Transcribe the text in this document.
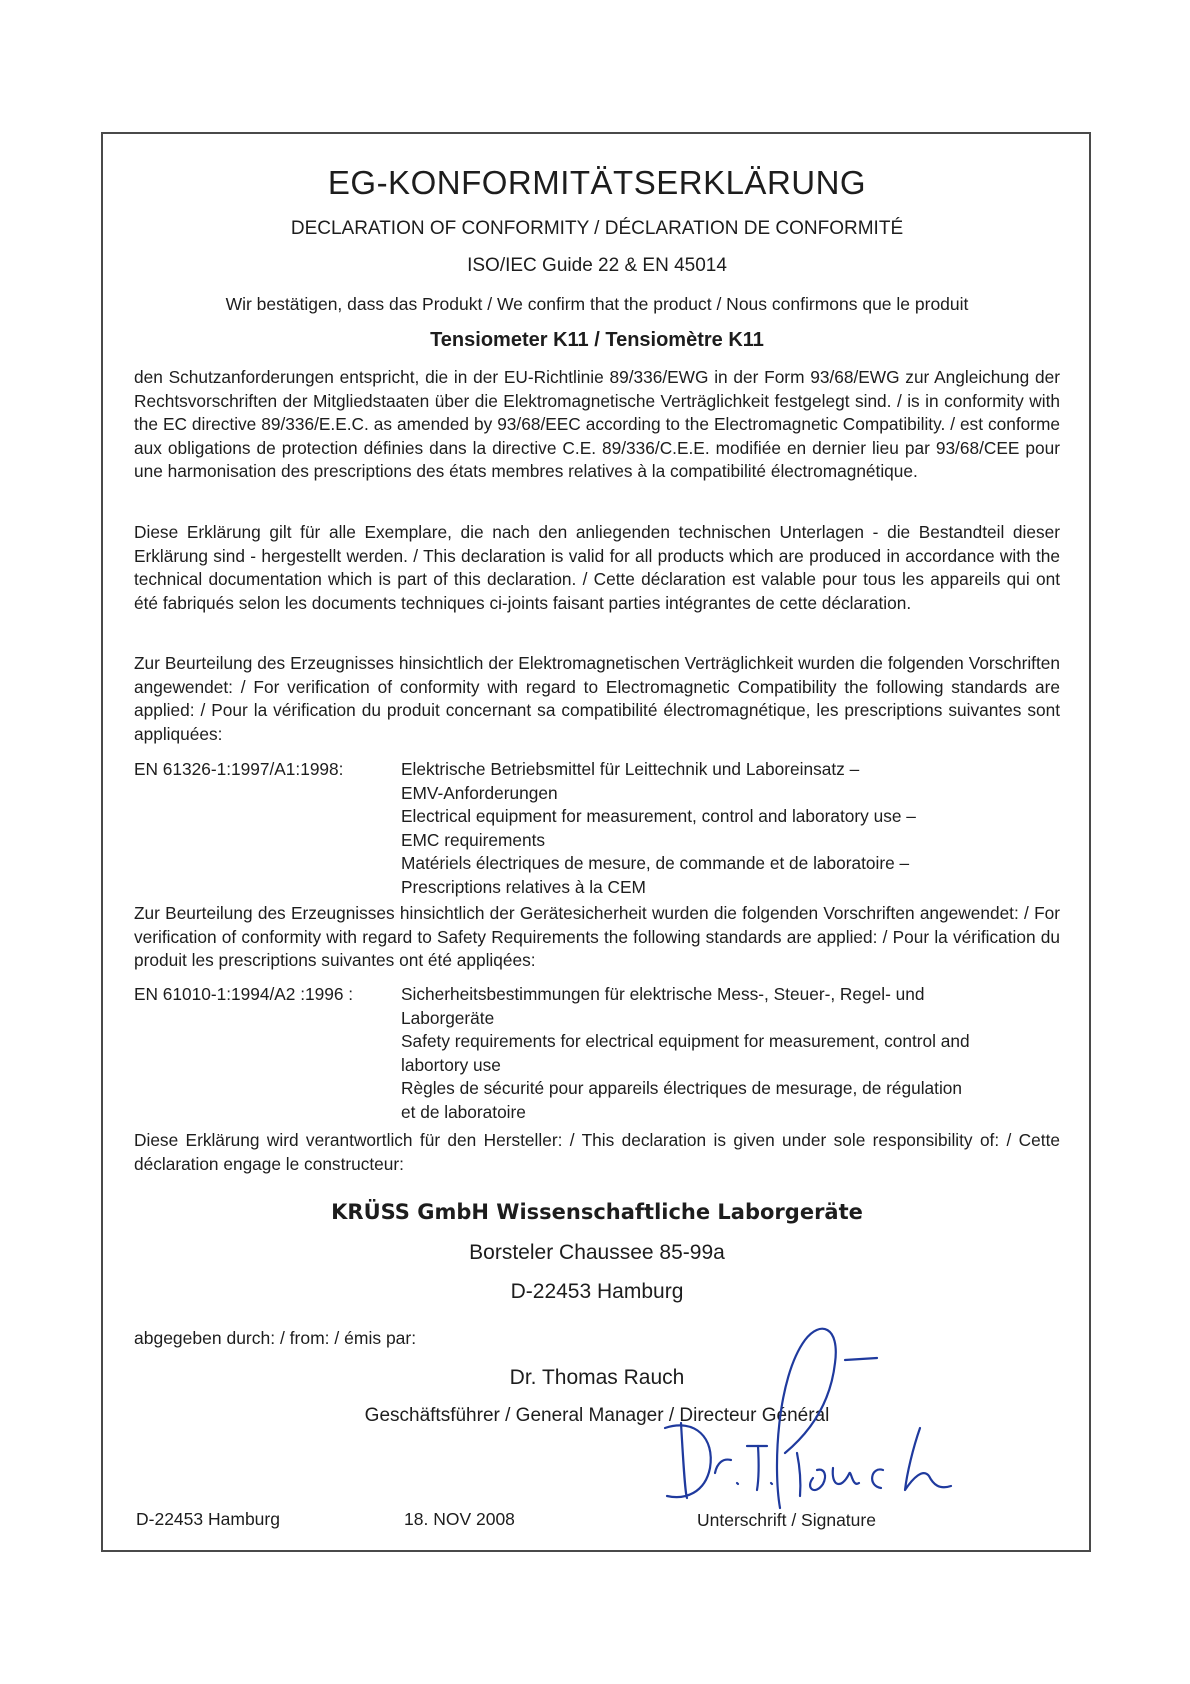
EG-KONFORMITÄTSERKLÄRUNG
DECLARATION OF CONFORMITY / DÉCLARATION DE CONFORMITÉ
ISO/IEC Guide 22 & EN 45014
Wir bestätigen, dass das Produkt / We confirm that the product / Nous confirmons que le produit
Tensiometer K11 / Tensiomètre K11
den Schutzanforderungen entspricht, die in der EU-Richtlinie 89/336/EWG in der Form 93/68/EWG zur Angleichung der Rechtsvorschriften der Mitgliedstaaten über die Elektromagnetische Verträglichkeit festgelegt sind. / is in conformity with the EC directive 89/336/E.E.C. as amended by 93/68/EEC according to the Electromagnetic Compatibility. / est conforme aux obligations de protection définies dans la directive C.E. 89/336/C.E.E. modifiée en dernier lieu par 93/68/CEE pour une harmonisation des prescriptions des états membres relatives à la compatibilité électromagnétique.
Diese Erklärung gilt für alle Exemplare, die nach den anliegenden technischen Unterlagen - die Bestandteil dieser Erklärung sind - hergestellt werden. / This declaration is valid for all products which are produced in accordance with the technical documentation which is part of this declaration. / Cette déclaration est valable pour tous les appareils qui ont été fabriqués selon les documents techniques ci-joints faisant parties intégrantes de cette déclaration.
Zur Beurteilung des Erzeugnisses hinsichtlich der Elektromagnetischen Verträglichkeit wurden die folgenden Vorschriften angewendet: / For verification of conformity with regard to Electromagnetic Compatibility the following standards are applied: / Pour la vérification du produit concernant sa compatibilité électromagnétique, les prescriptions suivantes sont appliquées:
EN 61326-1:1997/A1:1998:	Elektrische Betriebsmittel für Leittechnik und Laboreinsatz –
EMV-Anforderungen
Electrical equipment for measurement, control and laboratory use –
EMC requirements
Matériels électriques de mesure, de commande et de laboratoire –
Prescriptions relatives à la CEM
Zur Beurteilung des Erzeugnisses hinsichtlich der Gerätesicherheit wurden die folgenden Vorschriften angewendet: / For verification of conformity with regard to Safety Requirements the following standards are applied: / Pour la vérification du produit les prescriptions suivantes ont été appliqées:
EN 61010-1:1994/A2 :1996 :	Sicherheitsbestimmungen für elektrische Mess-, Steuer-, Regel- und
Laborgeräte
Safety requirements for electrical equipment for measurement, control and
labortory use
Règles de sécurité pour appareils électriques de mesurage, de régulation
et de laboratoire
Diese Erklärung wird verantwortlich für den Hersteller: / This declaration is given under sole responsibility of: / Cette déclaration engage le constructeur:
KRÜSS GmbH Wissenschaftliche Laborgeräte
Borsteler Chaussee 85-99a
D-22453 Hamburg
abgegeben durch: / from: / émis par:
Dr. Thomas Rauch
Geschäftsführer / General Manager / Directeur Général
D-22453 Hamburg	18. NOV 2008	Unterschrift / Signature
